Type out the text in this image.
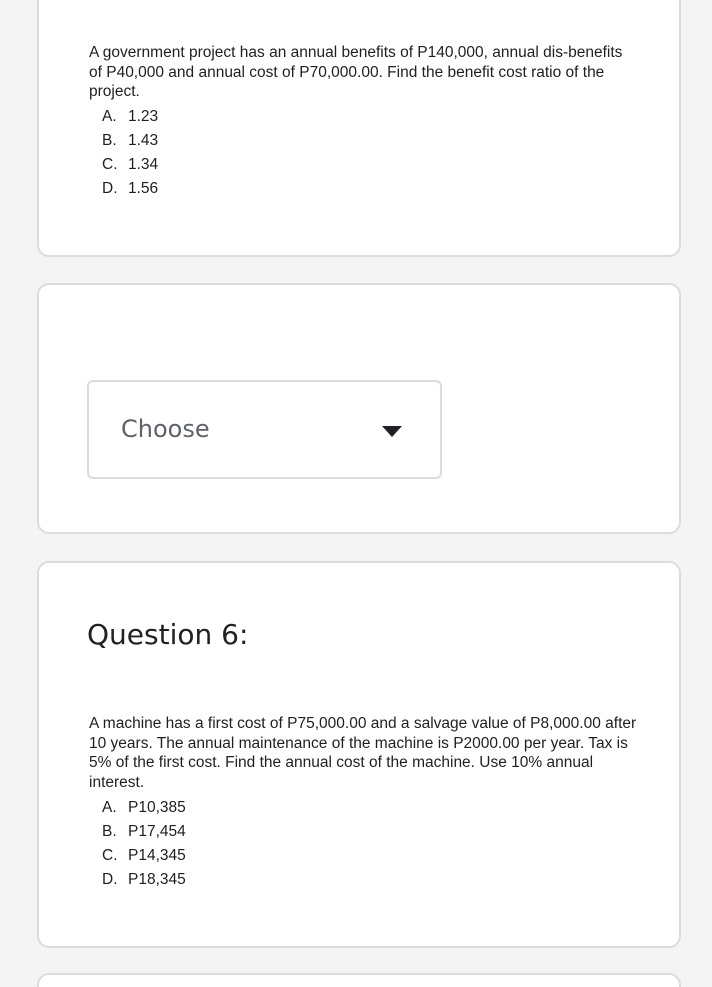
A government project has an annual benefits of P140,000, annual dis-benefits of P40,000 and annual cost of P70,000.00. Find the benefit cost ratio of the project.

A. 1.23
B. 1.43
C. 1.34
D. 1.56
Choose
Question 6:

A machine has a first cost of P75,000.00 and a salvage value of P8,000.00 after 10 years. The annual maintenance of the machine is P2000.00 per year. Tax is 5% of the first cost. Find the annual cost of the machine. Use 10% annual interest.

A. P10,385
B. P17,454
C. P14,345
D. P18,345
